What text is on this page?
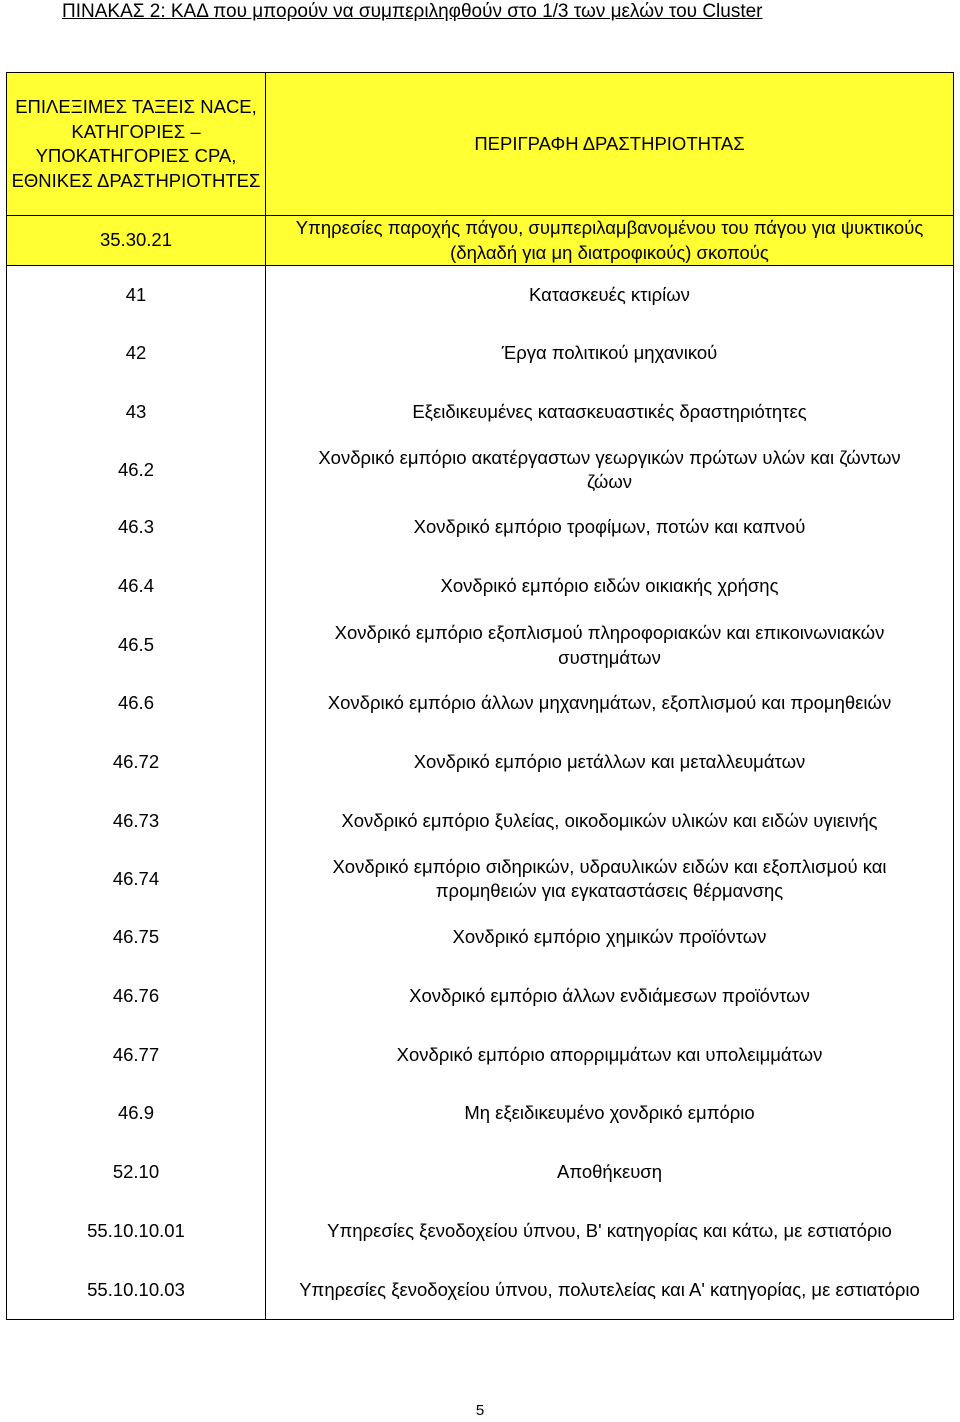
ΠΙΝΑΚΑΣ 2: ΚΑΔ που μπορούν να συμπεριληφθούν στο 1/3 των μελών του Cluster
ΕΠΙΛΕΞΙΜΕΣ ΤΑΞΕΙΣ NACE, ΚΑΤΗΓΟΡΙΕΣ – ΥΠΟΚΑΤΗΓΟΡΙΕΣ CPA, ΕΘΝΙΚΕΣ ΔΡΑΣΤΗΡΙΟΤΗΤΕΣ	ΠΕΡΙΓΡΑΦΗ ΔΡΑΣΤΗΡΙΟΤΗΤΑΣ
35.30.21	Υπηρεσίες παροχής πάγου, συμπεριλαμβανομένου του πάγου για ψυκτικούς (δηλαδή για μη διατροφικούς) σκοπούς
41	Κατασκευές κτιρίων
42	Έργα πολιτικού μηχανικού
43	Εξειδικευμένες κατασκευαστικές δραστηριότητες
46.2	Χονδρικό εμπόριο ακατέργαστων γεωργικών πρώτων υλών και ζώντων ζώων
46.3	Χονδρικό εμπόριο τροφίμων, ποτών και καπνού
46.4	Χονδρικό εμπόριο ειδών οικιακής χρήσης
46.5	Χονδρικό εμπόριο εξοπλισμού πληροφοριακών και επικοινωνιακών συστημάτων
46.6	Χονδρικό εμπόριο άλλων μηχανημάτων, εξοπλισμού και προμηθειών
46.72	Χονδρικό εμπόριο μετάλλων και μεταλλευμάτων
46.73	Χονδρικό εμπόριο ξυλείας, οικοδομικών υλικών και ειδών υγιεινής
46.74	Χονδρικό εμπόριο σιδηρικών, υδραυλικών ειδών και εξοπλισμού και προμηθειών για εγκαταστάσεις θέρμανσης
46.75	Χονδρικό εμπόριο χημικών προϊόντων
46.76	Χονδρικό εμπόριο άλλων ενδιάμεσων προϊόντων
46.77	Χονδρικό εμπόριο απορριμμάτων και υπολειμμάτων
46.9	Μη εξειδικευμένο χονδρικό εμπόριο
52.10	Αποθήκευση
55.10.10.01	Υπηρεσίες ξενοδοχείου ύπνου, Β' κατηγορίας και κάτω, με εστιατόριο
55.10.10.03	Υπηρεσίες ξενοδοχείου ύπνου, πολυτελείας και Α' κατηγορίας, με εστιατόριο
5
